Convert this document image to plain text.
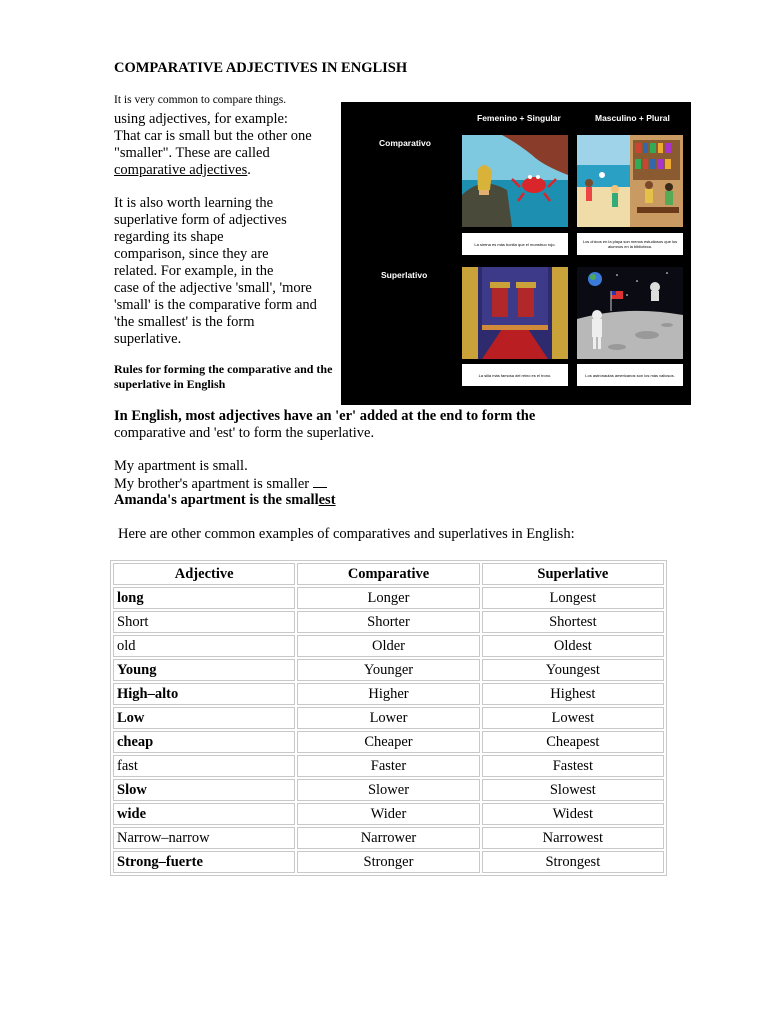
COMPARATIVE ADJECTIVES IN ENGLISH
It is very common to compare things.
using adjectives, for example:
That car is small but the other one
"smaller". These are called
comparative adjectives.
It is also worth learning the
superlative form of adjectives
regarding its shape
comparison, since they are
related. For example, in the
case of the adjective 'small', 'more
'small' is the comparative form and
'the smallest' is the form
superlative.
Rules for forming the comparative and the
superlative in English
Femenino + Singular	Masculino + Plural
Comparativo
Superlativo
La sirena es más bonita que el monstruo rojo.	Los chicos en la playa son menos estudiosos que los alumnos en la biblioteca.
La silla más famosa del reino es el trono.	Los astronautas americanos son los más valiosos.
In English, most adjectives have an 'er' added at the end to form the
comparative and 'est' to form the superlative.
My apartment is small.
My brother's apartment is smaller
Amanda's apartment is the smallest
Here are other common examples of comparatives and superlatives in English:
Adjective	Comparative	Superlative
long	Longer	Longest
Short	Shorter	Shortest
old	Older	Oldest
Young	Younger	Youngest
High–alto	Higher	Highest
Low	Lower	Lowest
cheap	Cheaper	Cheapest
fast	Faster	Fastest
Slow	Slower	Slowest
wide	Wider	Widest
Narrow–narrow	Narrower	Narrowest
Strong–fuerte	Stronger	Strongest
